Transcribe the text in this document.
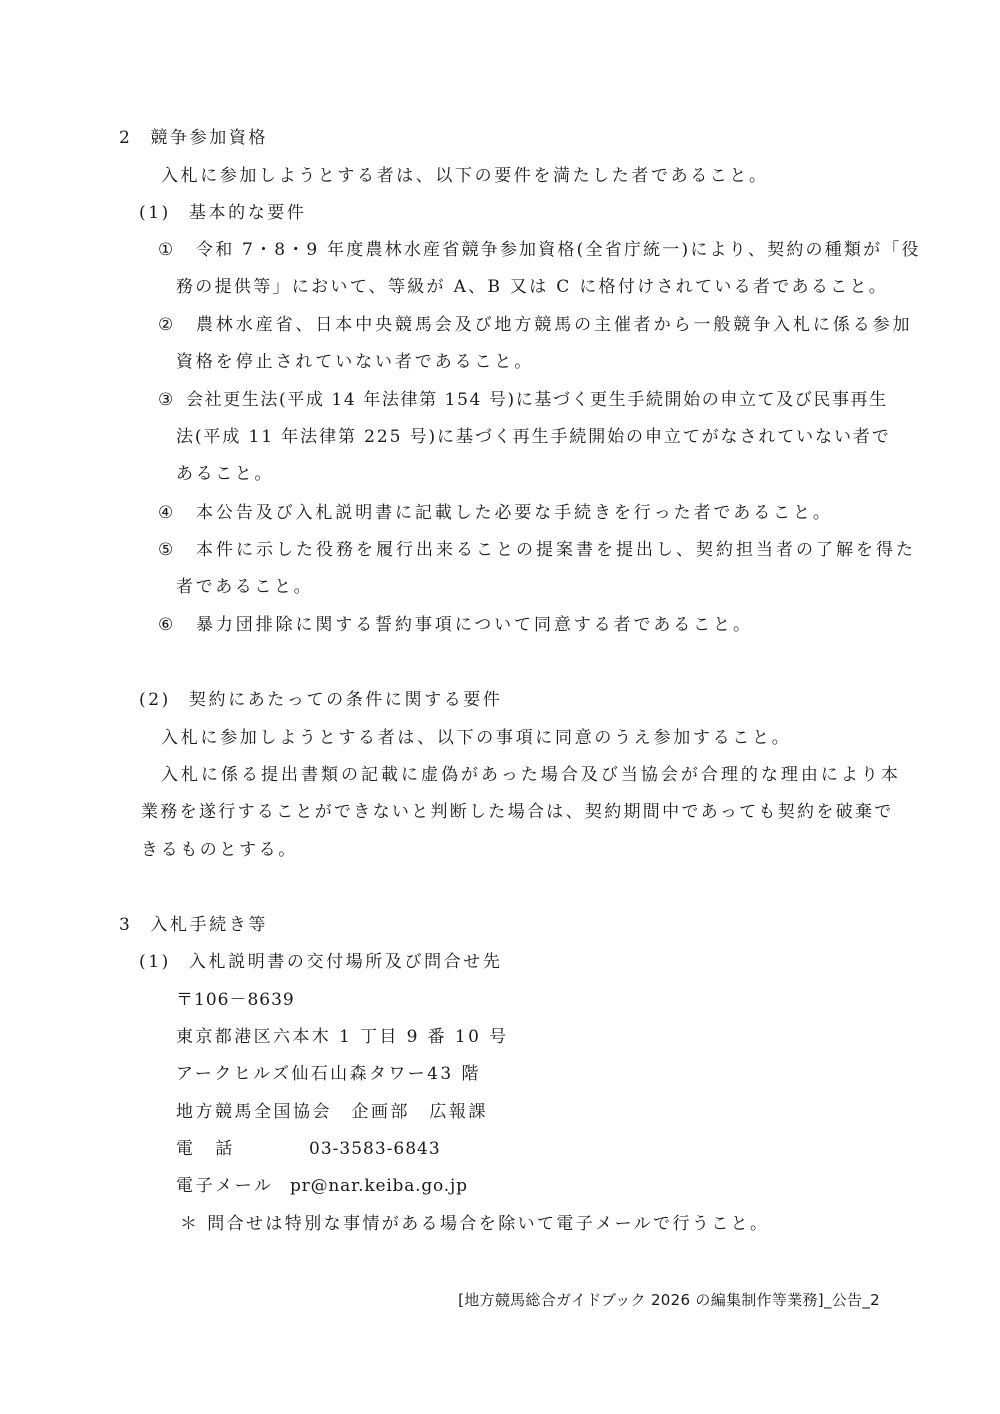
2 競争参加資格
入札に参加しようとする者は、以下の要件を満たした者であること。
(1) 基本的な要件
① 令和 7・8・9 年度農林水産省競争参加資格(全省庁統一)により、契約の種類が「役
務の提供等」において、等級が A、B 又は C に格付けされている者であること。
② 農林水産省、日本中央競馬会及び地方競馬の主催者から一般競争入札に係る参加
資格を停止されていない者であること。
③ 会社更生法(平成 14 年法律第 154 号)に基づく更生手続開始の申立て及び民事再生
法(平成 11 年法律第 225 号)に基づく再生手続開始の申立てがなされていない者で
あること。
④ 本公告及び入札説明書に記載した必要な手続きを行った者であること。
⑤ 本件に示した役務を履行出来ることの提案書を提出し、契約担当者の了解を得た
者であること。
⑥ 暴力団排除に関する誓約事項について同意する者であること。
(2) 契約にあたっての条件に関する要件
入札に参加しようとする者は、以下の事項に同意のうえ参加すること。
入札に係る提出書類の記載に虚偽があった場合及び当協会が合理的な理由により本
業務を遂行することができないと判断した場合は、契約期間中であっても契約を破棄で
きるものとする。
3 入札手続き等
(1) 入札説明書の交付場所及び問合せ先
〒106－8639
東京都港区六本木 1 丁目 9 番 10 号
アークヒルズ仙石山森タワー43 階
地方競馬全国協会　企画部　広報課
電　話	03-3583-6843
電子メール pr@nar.keiba.go.jp
＊ 問合せは特別な事情がある場合を除いて電子メールで行うこと。
[地方競馬総合ガイドブック 2026 の編集制作等業務]_公告_2
